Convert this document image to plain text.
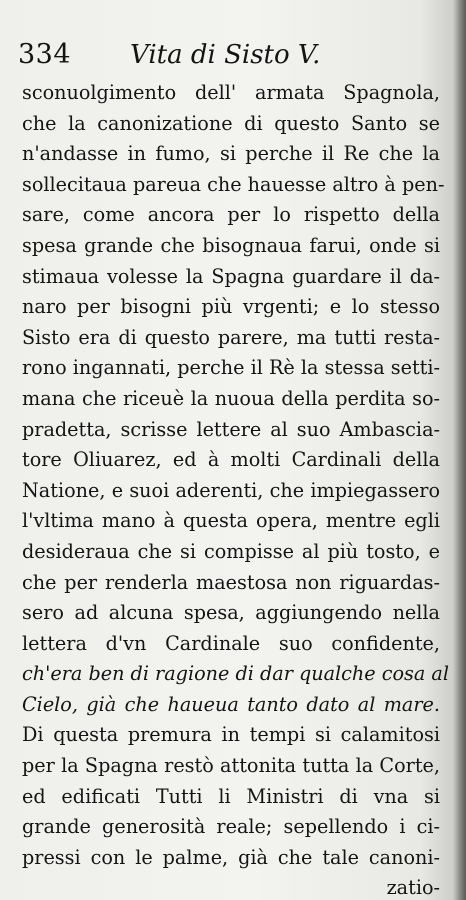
334 Vita di Sisto V.
sconuolgimento dell' armata Spagnola,
che la canonizatione di questo Santo se
n'andasse in fumo, si perche il Re che la
sollecitaua pareua che hauesse altro à pen-
sare, come ancora per lo rispetto della
spesa grande che bisognaua farui, onde si
stimaua volesse la Spagna guardare il da-
naro per bisogni più vrgenti; e lo stesso
Sisto era di questo parere, ma tutti resta-
rono ingannati, perche il Rè la stessa setti-
mana che riceuè la nuoua della perdita so-
pradetta, scrisse lettere al suo Ambascia-
tore Oliuarez, ed à molti Cardinali della
Natione, e suoi aderenti, che impiegassero
l'vltima mano à questa opera, mentre egli
desideraua che si compisse al più tosto, e
che per renderla maestosa non riguardas-
sero ad alcuna spesa, aggiungendo nella
lettera d'vn Cardinale suo confidente,
ch'era ben di ragione di dar qualche cosa al
Cielo, già che haueua tanto dato al mare.
Di questa premura in tempi si calamitosi
per la Spagna restò attonita tutta la Corte,
ed edificati Tutti li Ministri di vna si
grande generosità reale; sepellendo i ci-
pressi con le palme, già che tale canoni-
zatio-
